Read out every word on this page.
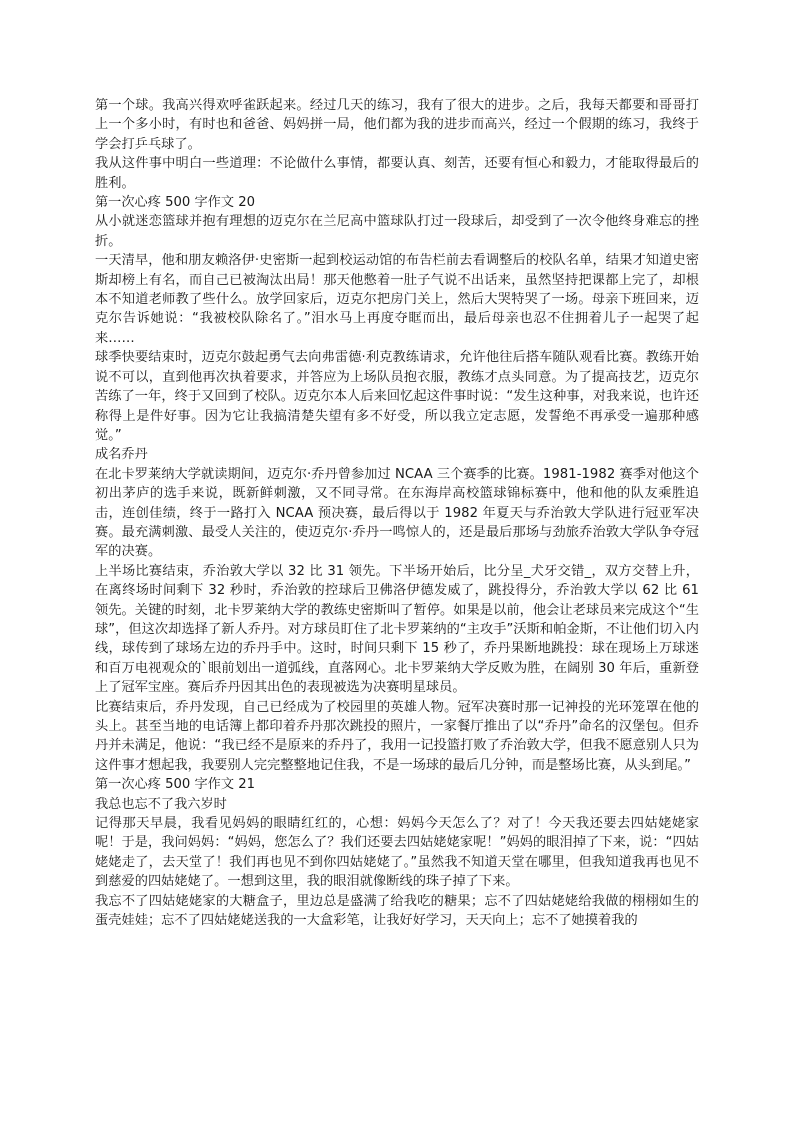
第一个球。我高兴得欢呼雀跃起来。经过几天的练习，我有了很大的进步。之后，我每天都要和哥哥打上一个多小时，有时也和爸爸、妈妈拼一局，他们都为我的进步而高兴，经过一个假期的练习，我终于学会打乒乓球了。

我从这件事中明白一些道理：不论做什么事情，都要认真、刻苦，还要有恒心和毅力，才能取得最后的胜利。

第一次心疼 500 字作文 20

从小就迷恋篮球并抱有理想的迈克尔在兰尼高中篮球队打过一段球后，却受到了一次令他终身难忘的挫折。

一天清早，他和朋友赖洛伊·史密斯一起到校运动馆的布告栏前去看调整后的校队名单，结果才知道史密斯却榜上有名，而自己已被淘汰出局！那天他憋着一肚子气说不出话来，虽然坚持把课都上完了，却根本不知道老师教了些什么。放学回家后，迈克尔把房门关上，然后大哭特哭了一场。母亲下班回来，迈克尔告诉她说：“我被校队除名了。”泪水马上再度夺眶而出，最后母亲也忍不住拥着儿子一起哭了起来……

球季快要结束时，迈克尔鼓起勇气去向弗雷德·利克教练请求，允许他往后搭车随队观看比赛。教练开始说不可以，直到他再次执着要求，并答应为上场队员抱衣服，教练才点头同意。为了提高技艺，迈克尔苦练了一年，终于又回到了校队。迈克尔本人后来回忆起这件事时说：“发生这种事，对我来说，也许还称得上是件好事。因为它让我搞清楚失望有多不好受，所以我立定志愿，发誓绝不再承受一遍那种感觉。”

成名乔丹

在北卡罗莱纳大学就读期间，迈克尔·乔丹曾参加过 NCAA 三个赛季的比赛。1981-1982 赛季对他这个初出茅庐的选手来说，既新鲜刺激，又不同寻常。在东海岸高校篮球锦标赛中，他和他的队友乘胜追击，连创佳绩，终于一路打入 NCAA 预决赛，最后得以于 1982 年夏天与乔治敦大学队进行冠亚军决赛。最充满刺激、最受人关注的，使迈克尔·乔丹一鸣惊人的，还是最后那场与劲旅乔治敦大学队争夺冠军的决赛。

上半场比赛结束，乔治敦大学以 32 比 31 领先。下半场开始后，比分呈_犬牙交错_，双方交替上升，在离终场时间剩下 32 秒时，乔治敦的控球后卫佛洛伊德发威了，跳投得分，乔治敦大学以 62 比 61 领先。关键的时刻，北卡罗莱纳大学的教练史密斯叫了暂停。如果是以前，他会让老球员来完成这个“生球”，但这次却选择了新人乔丹。对方球员盯住了北卡罗莱纳的“主攻手”沃斯和帕金斯，不让他们切入内线，球传到了球场左边的乔丹手中。这时，时间只剩下 15 秒了，乔丹果断地跳投：球在现场上万球迷和百万电视观众的`眼前划出一道弧线，直落网心。北卡罗莱纳大学反败为胜，在阔别 30 年后，重新登上了冠军宝座。赛后乔丹因其出色的表现被选为决赛明星球员。

比赛结束后，乔丹发现，自己已经成为了校园里的英雄人物。冠军决赛时那一记神投的光环笼罩在他的头上。甚至当地的电话簿上都印着乔丹那次跳投的照片，一家餐厅推出了以“乔丹”命名的汉堡包。但乔丹并未满足，他说：“我已经不是原来的乔丹了，我用一记投篮打败了乔治敦大学，但我不愿意别人只为这件事才想起我，我要别人完完整整地记住我，不是一场球的最后几分钟，而是整场比赛，从头到尾。”

第一次心疼 500 字作文 21

我总也忘不了我六岁时

记得那天早晨，我看见妈妈的眼睛红红的，心想：妈妈今天怎么了？对了！今天我还要去四姑姥姥家呢！于是，我问妈妈：“妈妈，您怎么了？我们还要去四姑姥姥家呢！”妈妈的眼泪掉了下来，说：“四姑姥姥走了，去天堂了！我们再也见不到你四姑姥姥了。”虽然我不知道天堂在哪里，但我知道我再也见不到慈爱的四姑姥姥了。一想到这里，我的眼泪就像断线的珠子掉了下来。

我忘不了四姑姥姥家的大糖盒子，里边总是盛满了给我吃的糖果；忘不了四姑姥姥给我做的栩栩如生的蛋壳娃娃；忘不了四姑姥姥送我的一大盒彩笔，让我好好学习，天天向上；忘不了她摸着我的
